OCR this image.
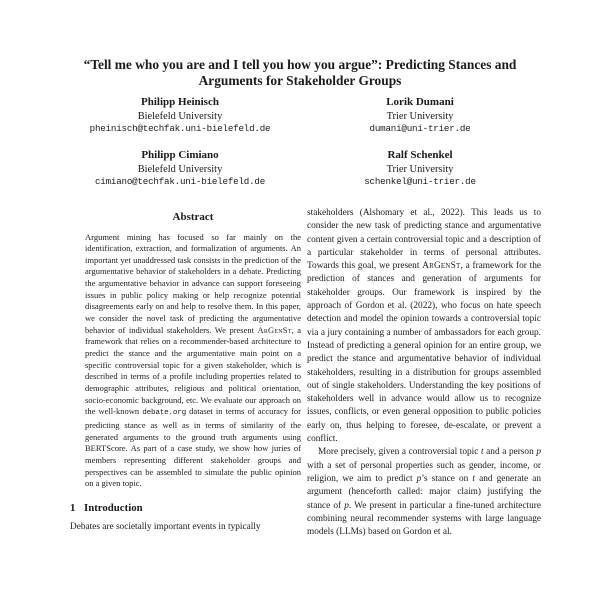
“Tell me who you are and I tell you how you argue”: Predicting Stances and Arguments for Stakeholder Groups
Philipp Heinisch
Bielefeld University
pheinisch@techfak.uni-bielefeld.de
Lorik Dumani
Trier University
dumani@uni-trier.de
Philipp Cimiano
Bielefeld University
cimiano@techfak.uni-bielefeld.de
Ralf Schenkel
Trier University
schenkel@uni-trier.de
Abstract

Argument mining has focused so far mainly on the identification, extraction, and formalization of arguments. An important yet unaddressed task consists in the prediction of the argumentative behavior of stakeholders in a debate. Predicting the argumentative behavior in advance can support foreseeing issues in public policy making or help recognize potential disagreements early on and help to resolve them. In this paper, we consider the novel task of predicting the argumentative behavior of individual stakeholders. We present ArGenSt, a framework that relies on a recommender-based architecture to predict the stance and the argumentative main point on a specific controversial topic for a given stakeholder, which is described in terms of a profile including properties related to demographic attributes, religious and political orientation, socio-economic background, etc. We evaluate our approach on the well-known debate.org dataset in terms of accuracy for predicting stance as well as in terms of similarity of the generated arguments to the ground truth arguments using BERTScore. As part of a case study, we show how juries of members representing different stakeholder groups and perspectives can be assembled to simulate the public opinion on a given topic.

1 Introduction

Debates are societally important events in typically

stakeholders (Alshomary et al., 2022). This leads us to consider the new task of predicting stance and argumentative content given a certain controversial topic and a description of a particular stakeholder in terms of personal attributes. Towards this goal, we present ArGenSt, a framework for the prediction of stances and generation of arguments for stakeholder groups. Our framework is inspired by the approach of Gordon et al. (2022), who focus on hate speech detection and model the opinion towards a controversial topic via a jury containing a number of ambassadors for each group. Instead of predicting a general opinion for an entire group, we predict the stance and argumentative behavior of individual stakeholders, resulting in a distribution for groups assembled out of single stakeholders. Understanding the key positions of stakeholders well in advance would allow us to recognize issues, conflicts, or even general opposition to public policies early on, thus helping to foresee, de-escalate, or prevent a conflict.

More precisely, given a controversial topic t and a person p with a set of personal properties such as gender, income, or religion, we aim to predict p’s stance on t and generate an argument (henceforth called: major claim) justifying the stance of p. We present in particular a fine-tuned architecture combining neural recommender systems with large language models (LLMs) based on Gordon et al.
